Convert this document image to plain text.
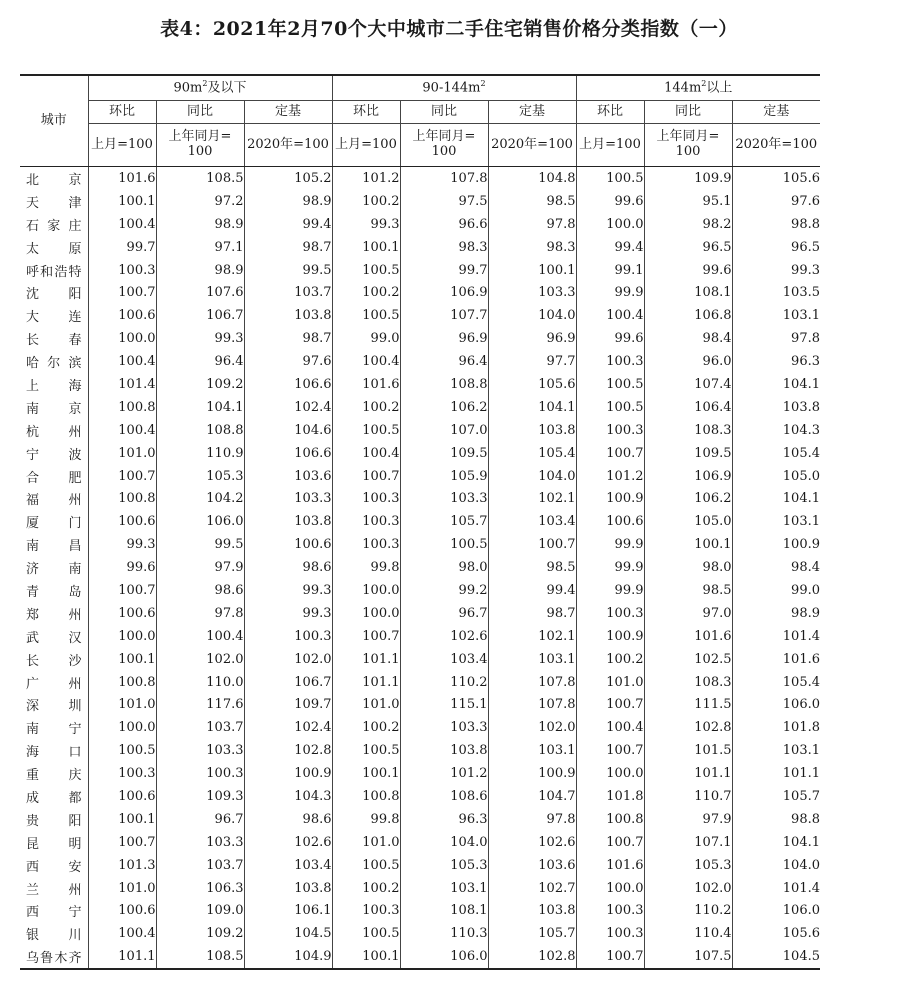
表4：2021年2月70个大中城市二手住宅销售价格分类指数（一）
城市	$90m^2$及以下			$90-144m^2$			$144m^2$以上		
	环比	同比	定基	环比	同比	定基	环比	同比	定基
	上月=100	上年同月=100	2020年=100	上月=100	上年同月=100	2020年=100	上月=100	上年同月=100	2020年=100
北京	101.6	108.5	105.2	101.2	107.8	104.8	100.5	109.9	105.6
天津	100.1	97.2	98.9	100.2	97.5	98.5	99.6	95.1	97.6
石家庄	100.4	98.9	99.4	99.3	96.6	97.8	100.0	98.2	98.8
太原	99.7	97.1	98.7	100.1	98.3	98.3	99.4	96.5	96.5
呼和浩特	100.3	98.9	99.5	100.5	99.7	100.1	99.1	99.6	99.3
沈阳	100.7	107.6	103.7	100.2	106.9	103.3	99.9	108.1	103.5
大连	100.6	106.7	103.8	100.5	107.7	104.0	100.4	106.8	103.1
长春	100.0	99.3	98.7	99.0	96.9	96.9	99.6	98.4	97.8
哈尔滨	100.4	96.4	97.6	100.4	96.4	97.7	100.3	96.0	96.3
上海	101.4	109.2	106.6	101.6	108.8	105.6	100.5	107.4	104.1
南京	100.8	104.1	102.4	100.2	106.2	104.1	100.5	106.4	103.8
杭州	100.4	108.8	104.6	100.5	107.0	103.8	100.3	108.3	104.3
宁波	101.0	110.9	106.6	100.4	109.5	105.4	100.7	109.5	105.4
合肥	100.7	105.3	103.6	100.7	105.9	104.0	101.2	106.9	105.0
福州	100.8	104.2	103.3	100.3	103.3	102.1	100.9	106.2	104.1
厦门	100.6	106.0	103.8	100.3	105.7	103.4	100.6	105.0	103.1
南昌	99.3	99.5	100.6	100.3	100.5	100.7	99.9	100.1	100.9
济南	99.6	97.9	98.6	99.8	98.0	98.5	99.9	98.0	98.4
青岛	100.7	98.6	99.3	100.0	99.2	99.4	99.9	98.5	99.0
郑州	100.6	97.8	99.3	100.0	96.7	98.7	100.3	97.0	98.9
武汉	100.0	100.4	100.3	100.7	102.6	102.1	100.9	101.6	101.4
长沙	100.1	102.0	102.0	101.1	103.4	103.1	100.2	102.5	101.6
广州	100.8	110.0	106.7	101.1	110.2	107.8	101.0	108.3	105.4
深圳	101.0	117.6	109.7	101.0	115.1	107.8	100.7	111.5	106.0
南宁	100.0	103.7	102.4	100.2	103.3	102.0	100.4	102.8	101.8
海口	100.5	103.3	102.8	100.5	103.8	103.1	100.7	101.5	103.1
重庆	100.3	100.3	100.9	100.1	101.2	100.9	100.0	101.1	101.1
成都	100.6	109.3	104.3	100.8	108.6	104.7	101.8	110.7	105.7
贵阳	100.1	96.7	98.6	99.8	96.3	97.8	100.8	97.9	98.8
昆明	100.7	103.3	102.6	101.0	104.0	102.6	100.7	107.1	104.1
西安	101.3	103.7	103.4	100.5	105.3	103.6	101.6	105.3	104.0
兰州	101.0	106.3	103.8	100.2	103.1	102.7	100.0	102.0	101.4
西宁	100.6	109.0	106.1	100.3	108.1	103.8	100.3	110.2	106.0
银川	100.4	109.2	104.5	100.5	110.3	105.7	100.3	110.4	105.6
乌鲁木齐	101.1	108.5	104.9	100.1	106.0	102.8	100.7	107.5	104.5
